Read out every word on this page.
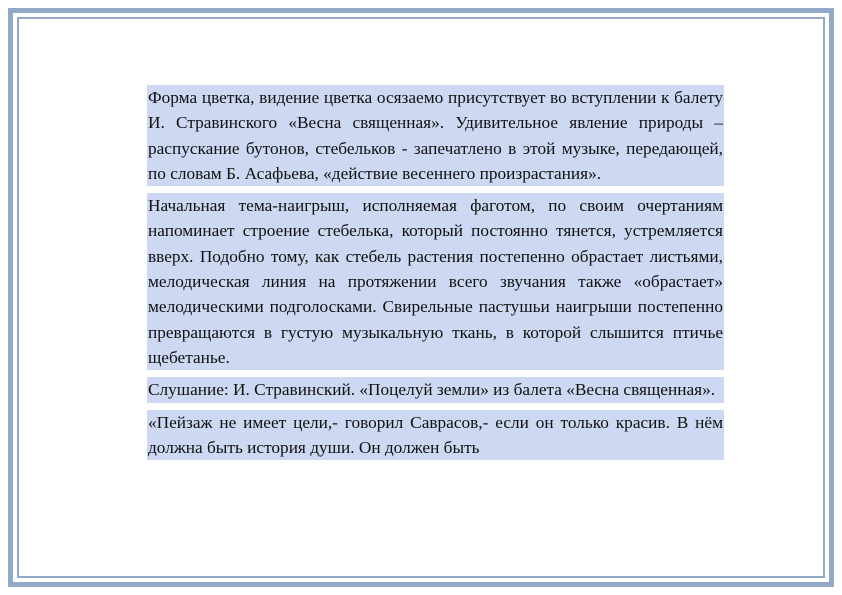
Форма цветка, видение цветка осязаемо присутствует во вступлении к балету И. Стравинского «Весна священная». Удивительное явление природы – распускание бутонов, стебельков - запечатлено в этой музыке, передающей, по словам Б. Асафьева, «действие весеннего произрастания».

Начальная тема-наигрыш, исполняемая фаготом, по своим очертаниям напоминает строение стебелька, который постоянно тянется, устремляется вверх. Подобно тому, как стебель растения постепенно обрастает листьями, мелодическая линия на протяжении всего звучания также «обрастает» мелодическими подголосками. Свирельные пастушьи наигрыши постепенно превращаются в густую музыкальную ткань, в которой слышится птичье щебетанье.

Слушание: И. Стравинский. «Поцелуй земли» из балета «Весна священная».

«Пейзаж не имеет цели,- говорил Саврасов,- если он только красив. В нём должна быть история души. Он должен быть
